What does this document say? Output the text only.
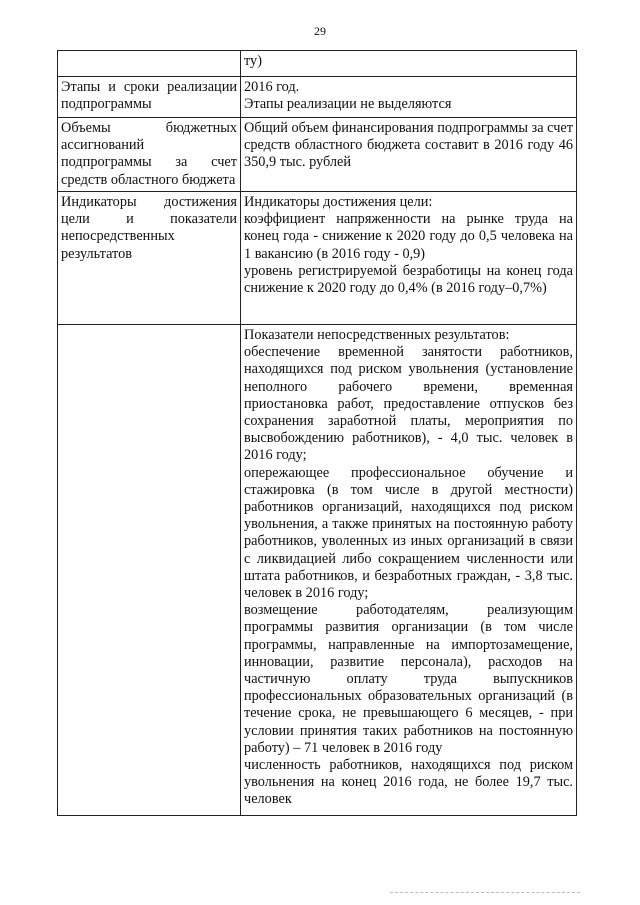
29

	ту)

Этапы и сроки реализации подпрограммы	2016 год.
Этапы реализации не выделяются

Объемы бюджетных ассигнований подпрограммы за счет средств областного бюджета	Общий объем финансирования подпрограммы за счет средств областного бюджета составит в 2016 году 46 350,9 тыс. рублей

Индикаторы достижения цели и показатели непосредственных результатов	Индикаторы достижения цели:
коэффициент напряженности на рынке труда на конец года - снижение к 2020 году до 0,5 человека на 1 вакансию (в 2016 году - 0,9)
уровень регистрируемой безработицы на конец года снижение к 2020 году до 0,4% (в 2016 году–0,7%)

	Показатели непосредственных результатов:
обеспечение временной занятости работников, находящихся под риском увольнения (установление неполного рабочего времени, временная приостановка работ, предоставление отпусков без сохранения заработной платы, мероприятия по высвобождению работников), - 4,0 тыс. человек в 2016 году;
опережающее профессиональное обучение и стажировка (в том числе в другой местности) работников организаций, находящихся под риском увольнения, а также принятых на постоянную работу работников, уволенных из иных организаций в связи с ликвидацией либо сокращением численности или штата работников, и безработных граждан, - 3,8 тыс. человек в 2016 году;
возмещение работодателям, реализующим программы развития организации (в том числе программы, направленные на импортозамещение, инновации, развитие персонала), расходов на частичную оплату труда выпускников профессиональных образовательных организаций (в течение срока, не превышающего 6 месяцев, - при условии принятия таких работников на постоянную работу) – 71 человек в 2016 году
численность работников, находящихся под риском увольнения на конец 2016 года, не более 19,7 тыс. человек
